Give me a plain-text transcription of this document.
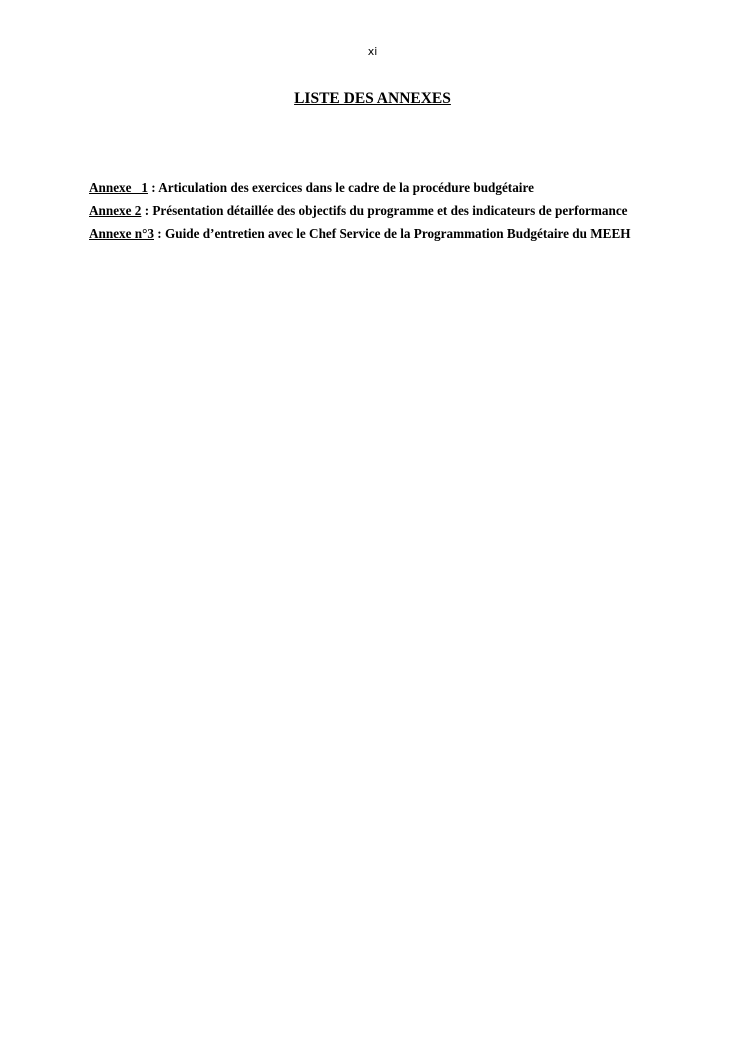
xi
LISTE DES ANNEXES
Annexe   1 : Articulation des exercices dans le cadre de la procédure budgétaire
Annexe 2 : Présentation détaillée des objectifs du programme et des indicateurs de performance
Annexe n°3 : Guide d’entretien avec le Chef Service de la Programmation Budgétaire du MEEH
